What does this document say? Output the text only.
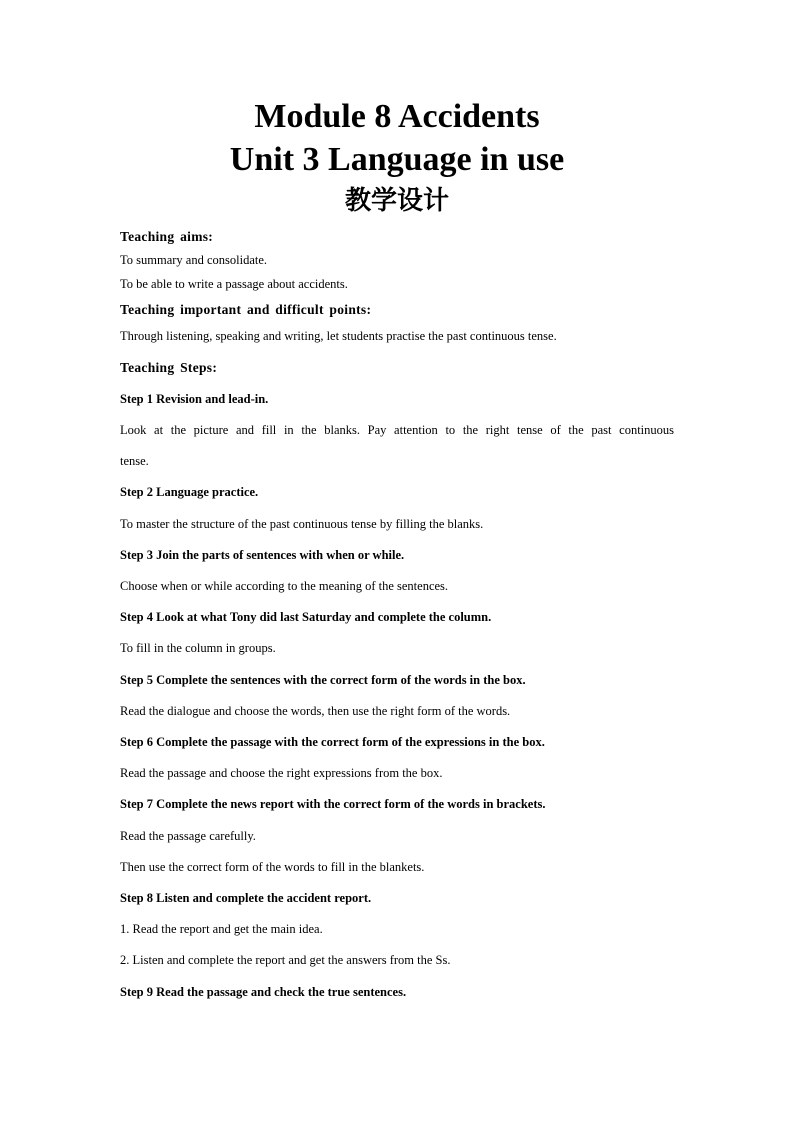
Module 8 Accidents
Unit 3 Language in use
教学设计
Teaching aims:
To summary and consolidate.
To be able to write a passage about accidents.
Teaching important and difficult points:
Through listening, speaking and writing, let students practise the past continuous tense.
Teaching Steps:
Step 1 Revision and lead-in.
Look at the picture and fill in the blanks. Pay attention to the right tense of the past continuous
tense.
Step 2 Language practice.
To master the structure of the past continuous tense by filling the blanks.
Step 3 Join the parts of sentences with when or while.
Choose when or while according to the meaning of the sentences.
Step 4 Look at what Tony did last Saturday and complete the column.
To fill in the column in groups.
Step 5 Complete the sentences with the correct form of the words in the box.
Read the dialogue and choose the words, then use the right form of the words.
Step 6 Complete the passage with the correct form of the expressions in the box.
Read the passage and choose the right expressions from the box.
Step 7 Complete the news report with the correct form of the words in brackets.
Read the passage carefully.
Then use the correct form of the words to fill in the blankets.
Step 8 Listen and complete the accident report.
1. Read the report and get the main idea.
2. Listen and complete the report and get the answers from the Ss.
Step 9 Read the passage and check the true sentences.
